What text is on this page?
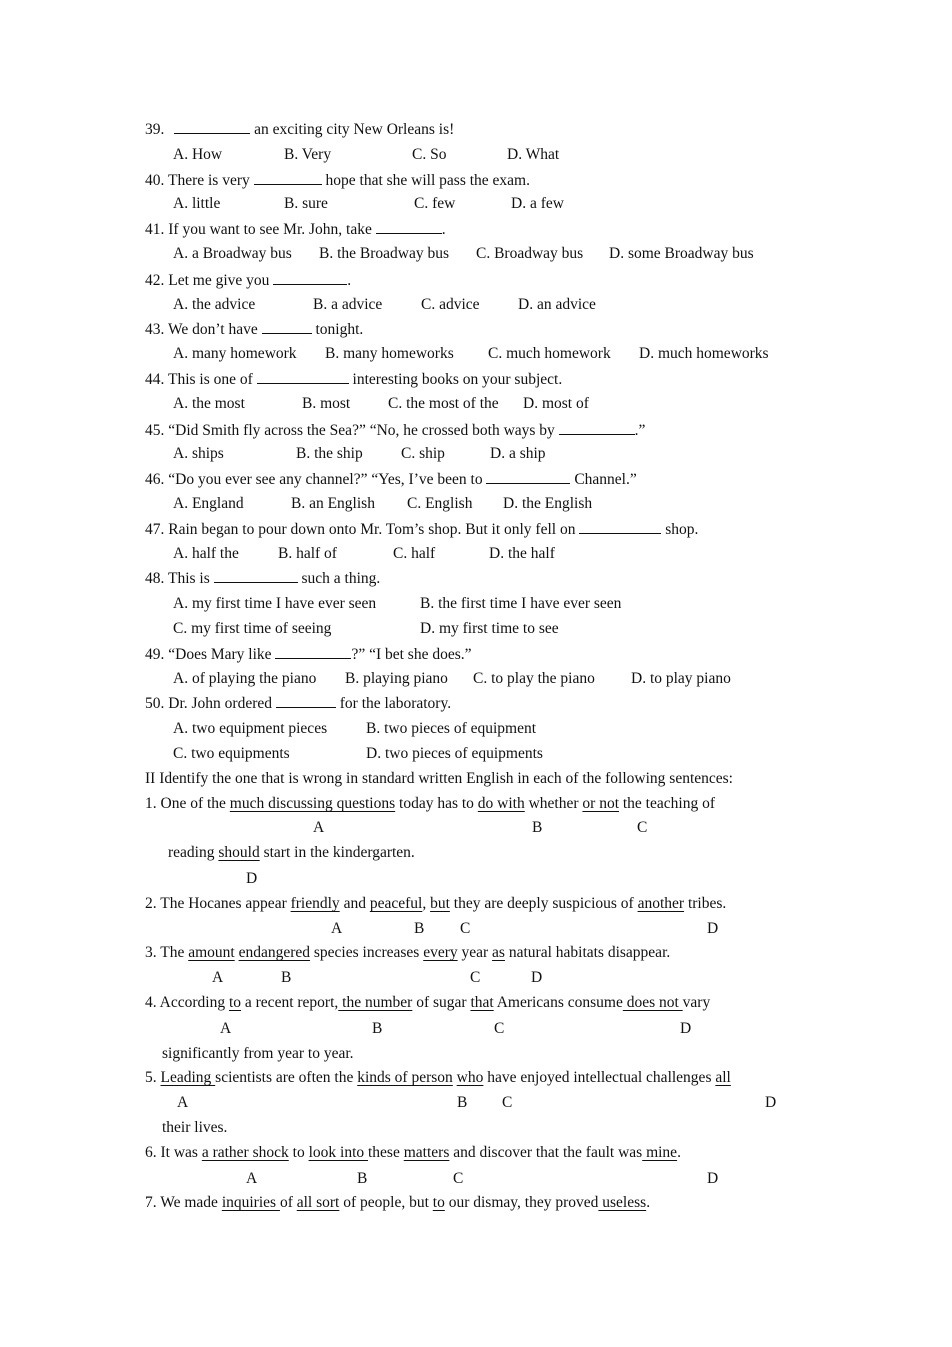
39.	an exciting city New Orleans is!
A. How	B. Very	C. So	D. What
40. There is very	hope that she will pass the exam.
A. little	B. sure	C. few	D. a few
41. If you want to see Mr. John, take	.
A. a Broadway bus B. the Broadway bus C. Broadway bus D. some Broadway bus
42. Let me give you	.
A. the advice	B. a advice C. advice D. an advice
43. We don’t have	tonight.
A. many homework B. many homeworks C. much homework D. much homeworks
44. This is one of	interesting books on your subject.
A. the most	B. most C. the most of the D. most of
45. “Did Smith fly across the Sea?” “No, he crossed both ways by	.”
A. ships	B. the ship C. ship	D. a ship
46. “Do you ever see any channel?” “Yes, I’ve been to	Channel.”
A. England	B. an English C. English D. the English
47. Rain began to pour down onto Mr. Tom’s shop. But it only fell on	shop.
A. half the	B. half of	C. half	D. the half
48. This is	such a thing.
A. my first time I have ever seen	B. the first time I have ever seen
C. my first time of seeing	D. my first time to see
49. “Does Mary like	?” “I bet she does.”
A. of playing the piano B. playing piano C. to play the piano D. to play piano
50. Dr. John ordered	for the laboratory.
A. two equipment pieces	B. two pieces of equipment
C. two equipments	D. two pieces of equipments
II Identify the one that is wrong in standard written English in each of the following sentences:
1. One of the much discussing questions today has to do with whether or not the teaching of
A	B	C
reading should start in the kindergarten.
D
2. The Hocanes appear friendly and peaceful, but they are deeply suspicious of another tribes.
A	B C	D
3. The amount endangered species increases every year as natural habitats disappear.
A	B	C	D
4. According to a recent report, the number of sugar that Americans consume does not vary
A	B	C	D
significantly from year to year.
5. Leading scientists are often the kinds of person who have enjoyed intellectual challenges all
A	B C	D
their lives.
6. It was a rather shock to look into these matters and discover that the fault was mine.
A	B	C	D
7. We made inquiries of all sort of people, but to our dismay, they proved useless.
